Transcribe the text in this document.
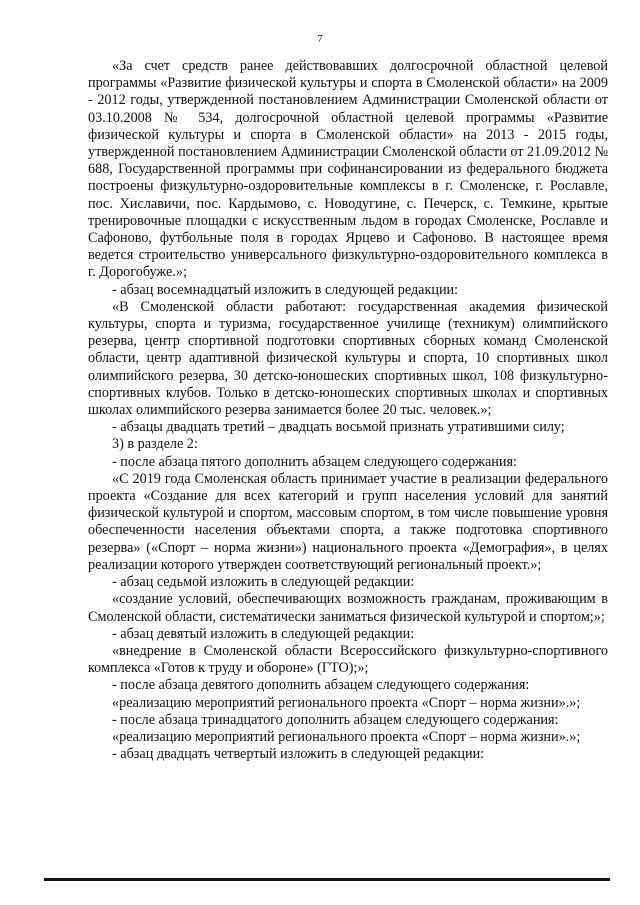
7

«За счет средств ранее действовавших долгосрочной областной целевой программы «Развитие физической культуры и спорта в Смоленской области» на 2009 - 2012 годы, утвержденной постановлением Администрации Смоленской области от 03.10.2008 № 534, долгосрочной областной целевой программы «Развитие физической культуры и спорта в Смоленской области» на 2013 - 2015 годы, утвержденной постановлением Администрации Смоленской области от 21.09.2012 № 688, Государственной программы при софинансировании из федерального бюджета построены физкультурно-оздоровительные комплексы в г. Смоленске, г. Рославле, пос. Хиславичи, пос. Кардымово, с. Новодугине, с. Печерск, с. Темкине, крытые тренировочные площадки с искусственным льдом в городах Смоленске, Рославле и Сафоново, футбольные поля в городах Ярцево и Сафоново. В настоящее время ведется строительство универсального физкультурно-оздоровительного комплекса в г. Дорогобуже.»;

- абзац восемнадцатый изложить в следующей редакции:

«В Смоленской области работают: государственная академия физической культуры, спорта и туризма, государственное училище (техникум) олимпийского резерва, центр спортивной подготовки спортивных сборных команд Смоленской области, центр адаптивной физической культуры и спорта, 10 спортивных школ олимпийского резерва, 30 детско-юношеских спортивных школ, 108 физкультурно-спортивных клубов. Только в детско-юношеских спортивных школах и спортивных школах олимпийского резерва занимается более 20 тыс. человек.»;

- абзацы двадцать третий – двадцать восьмой признать утратившими силу;

3) в разделе 2:

- после абзаца пятого дополнить абзацем следующего содержания:

«С 2019 года Смоленская область принимает участие в реализации федерального проекта «Создание для всех категорий и групп населения условий для занятий физической культурой и спортом, массовым спортом, в том числе повышение уровня обеспеченности населения объектами спорта, а также подготовка спортивного резерва» («Спорт – норма жизни») национального проекта «Демография», в целях реализации которого утвержден соответствующий региональный проект.»;

- абзац седьмой изложить в следующей редакции:

«создание условий, обеспечивающих возможность гражданам, проживающим в Смоленской области, систематически заниматься физической культурой и спортом;»;

- абзац девятый изложить в следующей редакции:

«внедрение в Смоленской области Всероссийского физкультурно-спортивного комплекса «Готов к труду и обороне» (ГТО);»;

- после абзаца девятого дополнить абзацем следующего содержания:

«реализацию мероприятий регионального проекта «Спорт – норма жизни».»;

- после абзаца тринадцатого дополнить абзацем следующего содержания:

«реализацию мероприятий регионального проекта «Спорт – норма жизни».»;

- абзац двадцать четвертый изложить в следующей редакции:
